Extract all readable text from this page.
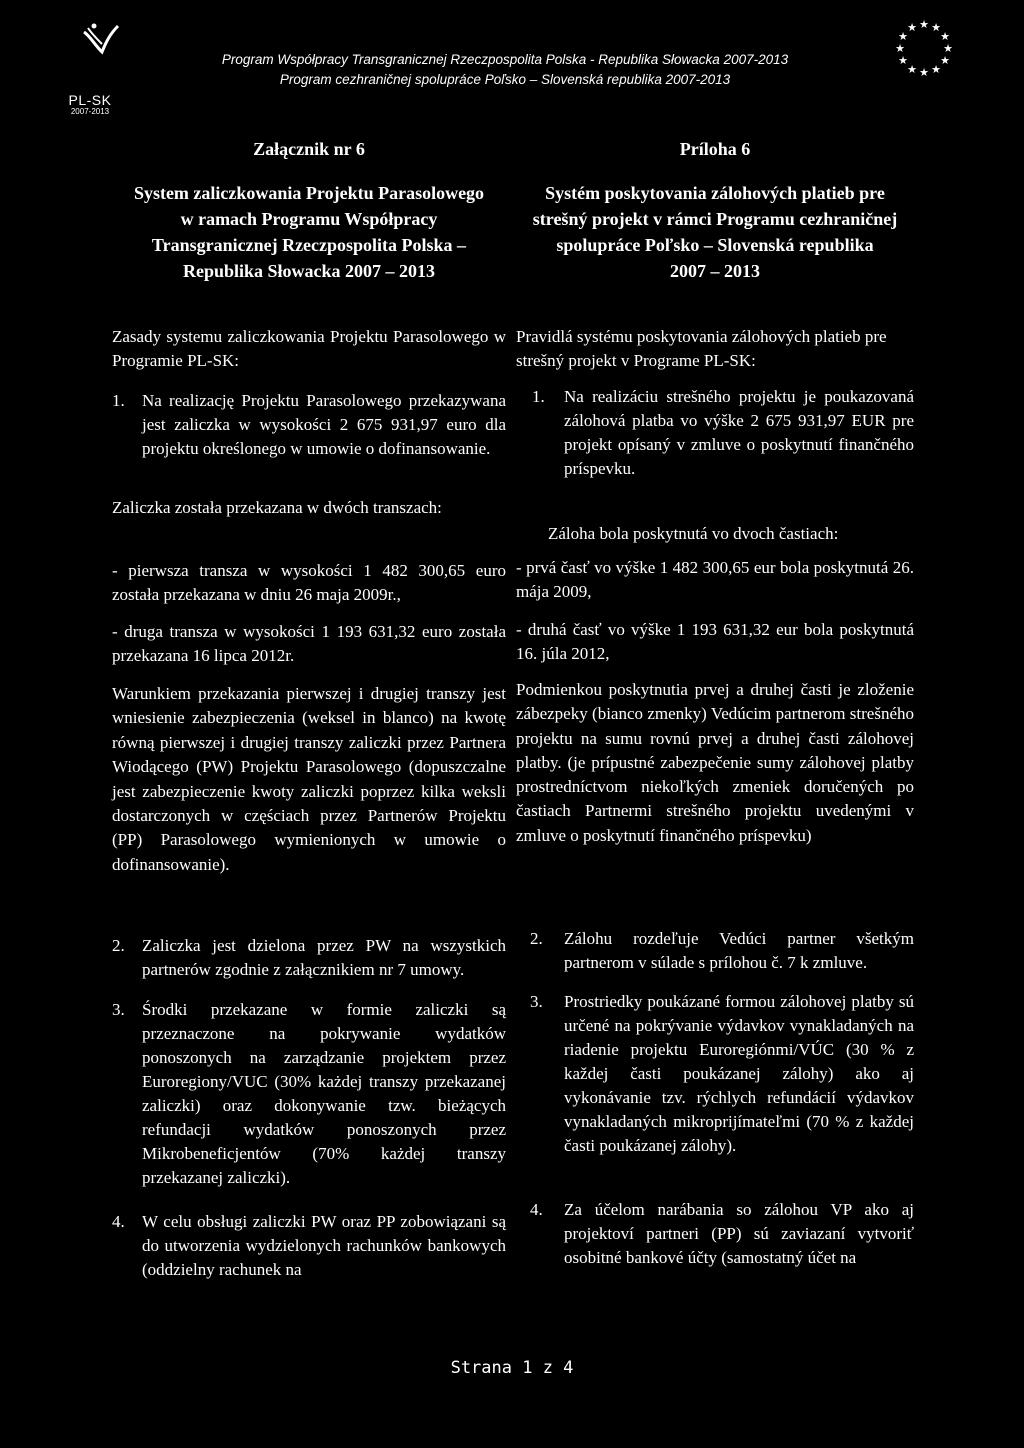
PL-SK
2007-2013
Program Współpracy Transgranicznej Rzeczpospolita Polska - Republika Słowacka 2007-2013
Program cezhraničnej spolupráce Poľsko – Slovenská republika 2007-2013
★ ★
★
★
★
★
★
★
★
★
★
★
Załącznik nr 6
System zaliczkowania Projektu Parasolowego
w ramach Programu Współpracy
Transgranicznej Rzeczpospolita Polska –
Republika Słowacka 2007 – 2013
Zasady systemu zaliczkowania Projektu Parasolowego w Programie PL-SK:
1. Na realizację Projektu Parasolowego przekazywana jest zaliczka w wysokości 2 675 931,97 euro dla projektu określonego w umowie o dofinansowanie.
Zaliczka została przekazana w dwóch transzach:
- pierwsza transza w wysokości 1 482 300,65 euro została przekazana w dniu 26 maja 2009r.,
- druga transza w wysokości 1 193 631,32 euro została przekazana 16 lipca 2012r.
Warunkiem przekazania pierwszej i drugiej transzy jest wniesienie zabezpieczenia (weksel in blanco) na kwotę równą pierwszej i drugiej transzy zaliczki przez Partnera Wiodącego (PW) Projektu Parasolowego (dopuszczalne jest zabezpieczenie kwoty zaliczki poprzez kilka weksli dostarczonych w częściach przez Partnerów Projektu (PP) Parasolowego wymienionych w umowie o dofinansowanie).
2. Zaliczka jest dzielona przez PW na wszystkich partnerów zgodnie z załącznikiem nr 7 umowy.
3. Środki przekazane w formie zaliczki są przeznaczone na pokrywanie wydatków ponoszonych na zarządzanie projektem przez Euroregiony/VUC (30% każdej transzy przekazanej zaliczki) oraz dokonywanie tzw. bieżących refundacji wydatków ponoszonych przez Mikrobeneficjentów (70% każdej transzy przekazanej zaliczki).
4. W celu obsługi zaliczki PW oraz PP zobowiązani są do utworzenia wydzielonych rachunków bankowych (oddzielny rachunek na
Príloha 6
Systém poskytovania zálohových platieb pre
strešný projekt v rámci Programu cezhraničnej
spolupráce Poľsko – Slovenská republika
2007 – 2013
Pravidlá systému poskytovania zálohových platieb pre strešný projekt v Programe PL-SK:
1. Na realizáciu strešného projektu je poukazovaná zálohová platba vo výške 2 675 931,97 EUR pre projekt opísaný v zmluve o poskytnutí finančného príspevku.
Záloha bola poskytnutá vo dvoch častiach:
- prvá časť vo výške 1 482 300,65 eur bola poskytnutá 26. mája 2009,
- druhá časť vo výške 1 193 631,32 eur bola poskytnutá 16. júla 2012,
Podmienkou poskytnutia prvej a druhej časti je zloženie zábezpeky (bianco zmenky) Vedúcim partnerom strešného projektu na sumu rovnú prvej a druhej časti zálohovej platby. (je prípustné zabezpečenie sumy zálohovej platby prostredníctvom niekoľkých zmeniek doručených po častiach Partnermi strešného projektu uvedenými v zmluve o poskytnutí finančného príspevku)
2. Zálohu rozdeľuje Vedúci partner všetkým partnerom v súlade s prílohou č. 7 k zmluve.
3. Prostriedky poukázané formou zálohovej platby sú určené na pokrývanie výdavkov vynakladaných na riadenie projektu Euroregiónmi/VÚC (30 % z každej časti poukázanej zálohy) ako aj vykonávanie tzv. rýchlych refundácií výdavkov vynakladaných mikroprijímateľmi (70 % z každej časti poukázanej zálohy).
4. Za účelom narábania so zálohou VP ako aj projektoví partneri (PP) sú zaviazaní vytvoriť osobitné bankové účty (samostatný účet na
Strana 1 z 4
